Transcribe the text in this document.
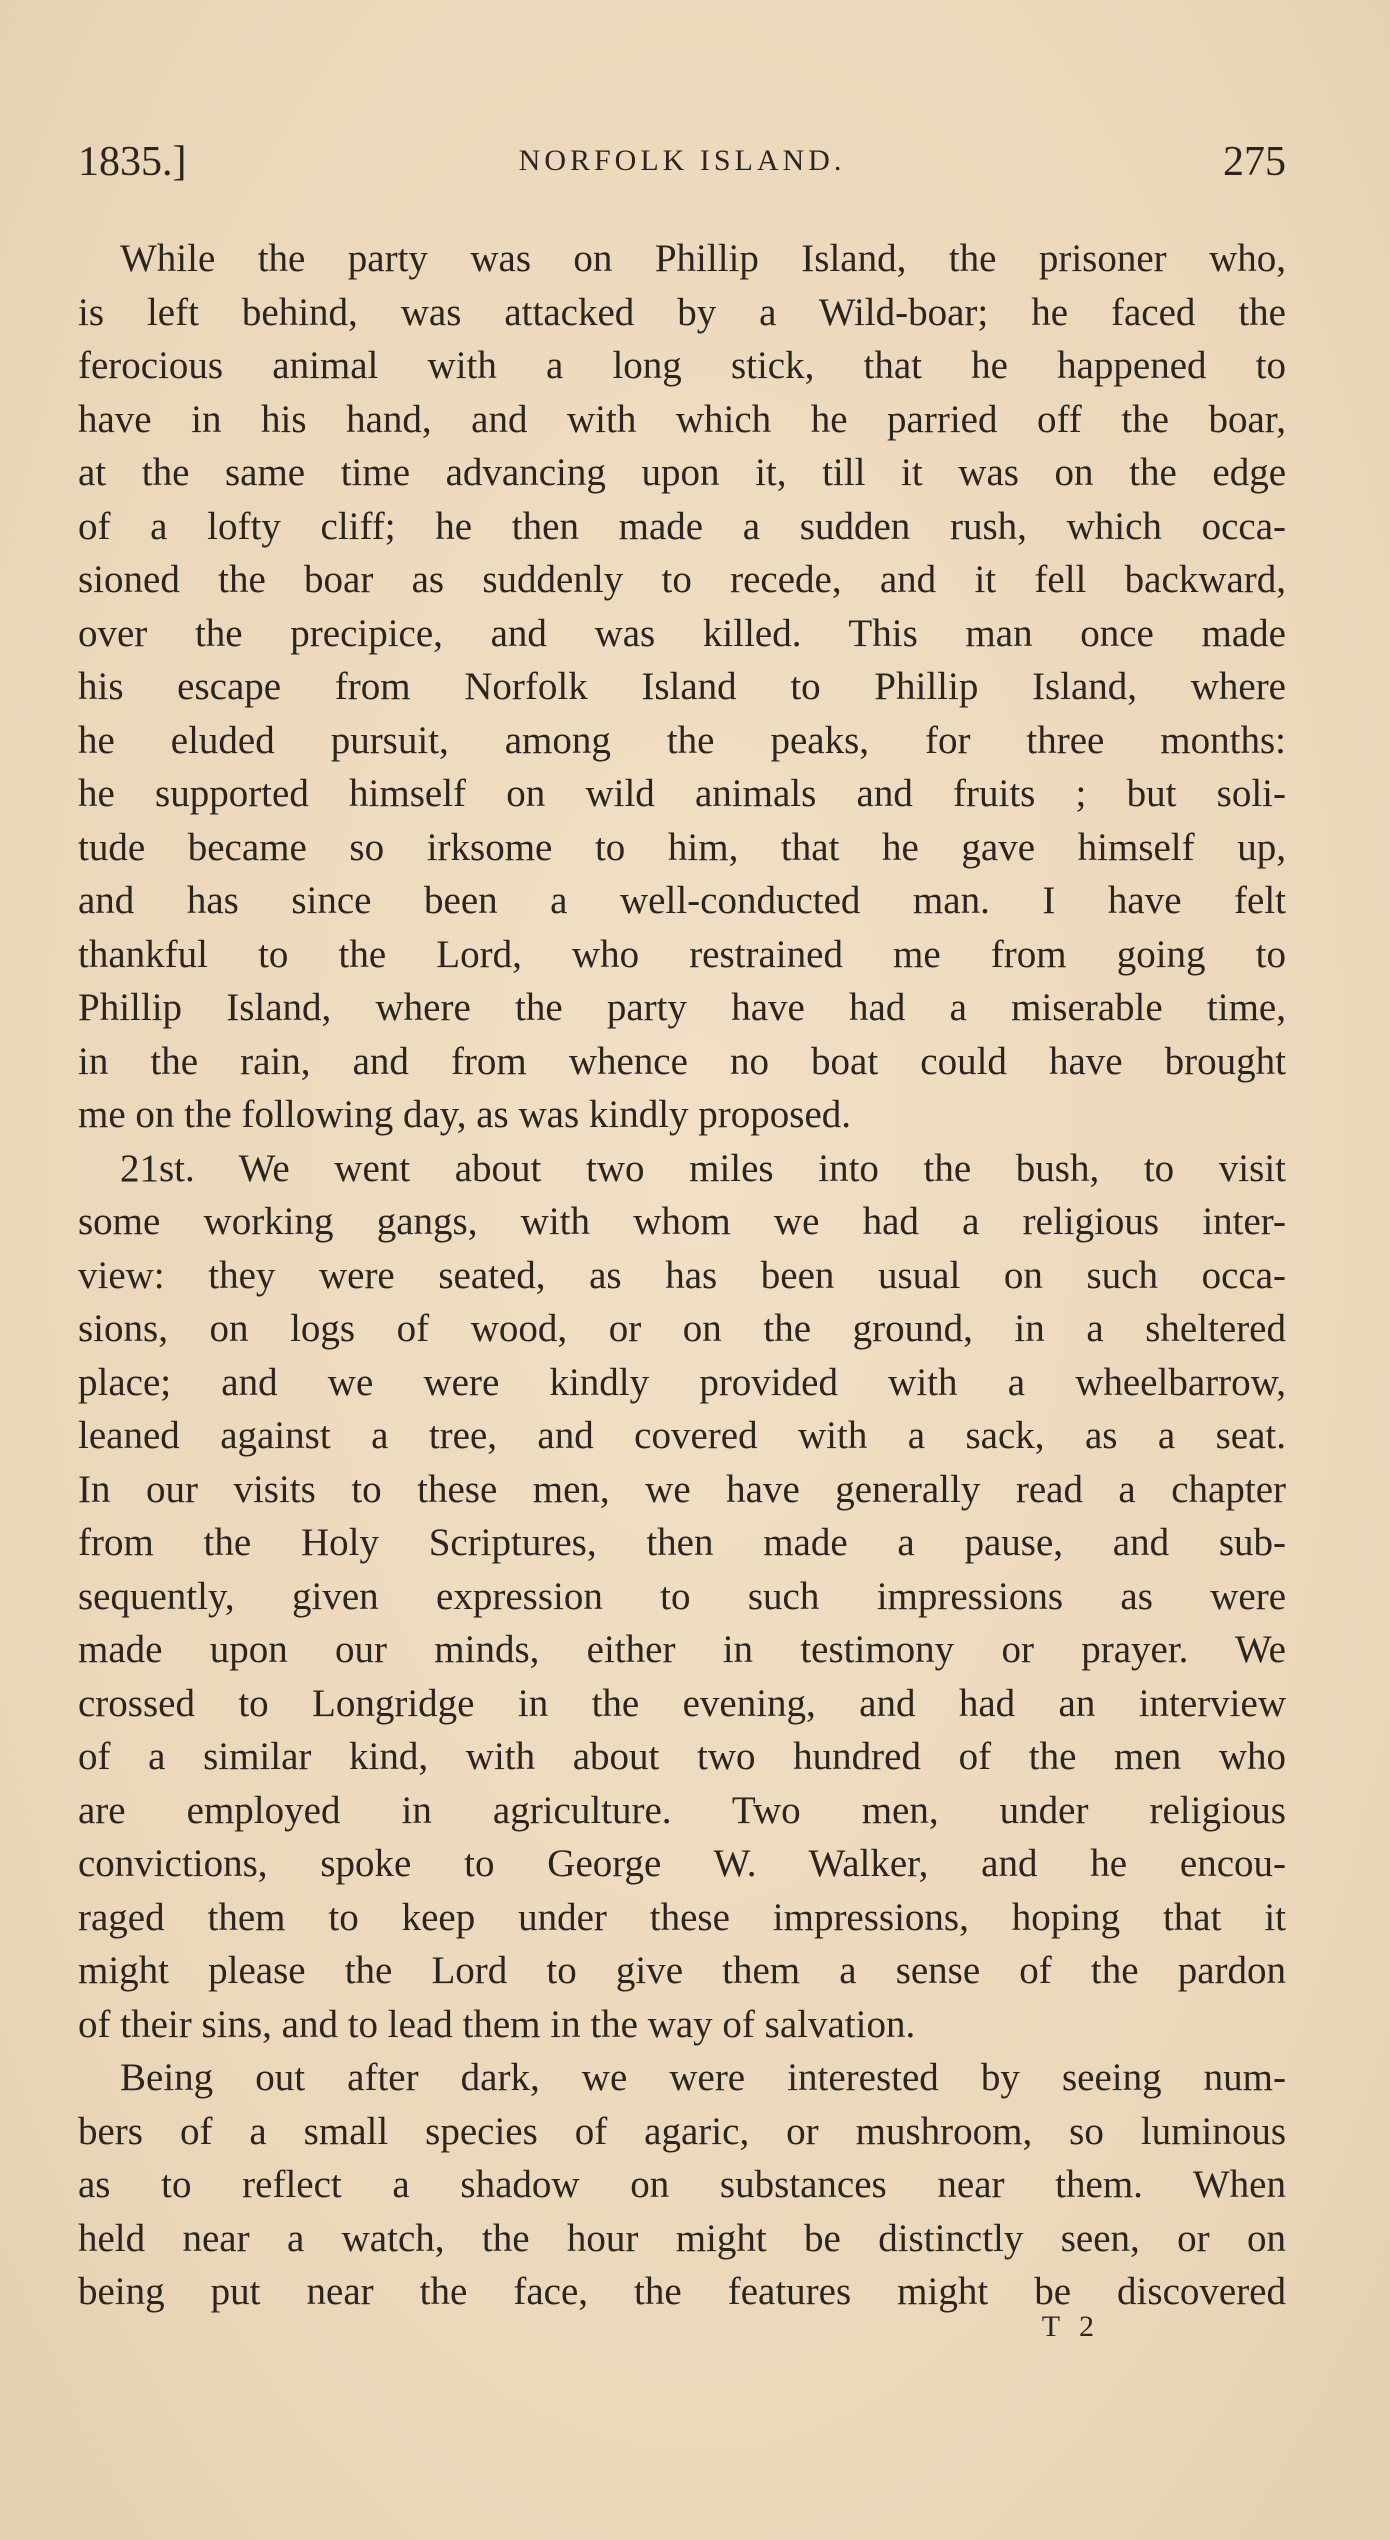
1835.]	NORFOLK ISLAND.	275
While the party was on Phillip Island, the prisoner who,
is left behind, was attacked by a Wild-boar; he faced the
ferocious animal with a long stick, that he happened to
have in his hand, and with which he parried off the boar,
at the same time advancing upon it, till it was on the edge
of a lofty cliff; he then made a sudden rush, which occa-
sioned the boar as suddenly to recede, and it fell backward,
over the precipice, and was killed. This man once made
his escape from Norfolk Island to Phillip Island, where
he eluded pursuit, among the peaks, for three months:
he supported himself on wild animals and fruits ; but soli-
tude became so irksome to him, that he gave himself up,
and has since been a well-conducted man. I have felt
thankful to the Lord, who restrained me from going to
Phillip Island, where the party have had a miserable time,
in the rain, and from whence no boat could have brought
me on the following day, as was kindly proposed.
21st. We went about two miles into the bush, to visit
some working gangs, with whom we had a religious inter-
view: they were seated, as has been usual on such occa-
sions, on logs of wood, or on the ground, in a sheltered
place; and we were kindly provided with a wheelbarrow,
leaned against a tree, and covered with a sack, as a seat.
In our visits to these men, we have generally read a chapter
from the Holy Scriptures, then made a pause, and sub-
sequently, given expression to such impressions as were
made upon our minds, either in testimony or prayer. We
crossed to Longridge in the evening, and had an interview
of a similar kind, with about two hundred of the men who
are employed in agriculture. Two men, under religious
convictions, spoke to George W. Walker, and he encou-
raged them to keep under these impressions, hoping that it
might please the Lord to give them a sense of the pardon
of their sins, and to lead them in the way of salvation.
Being out after dark, we were interested by seeing num-
bers of a small species of agaric, or mushroom, so luminous
as to reflect a shadow on substances near them. When
held near a watch, the hour might be distinctly seen, or on
being put near the face, the features might be discovered
T 2
